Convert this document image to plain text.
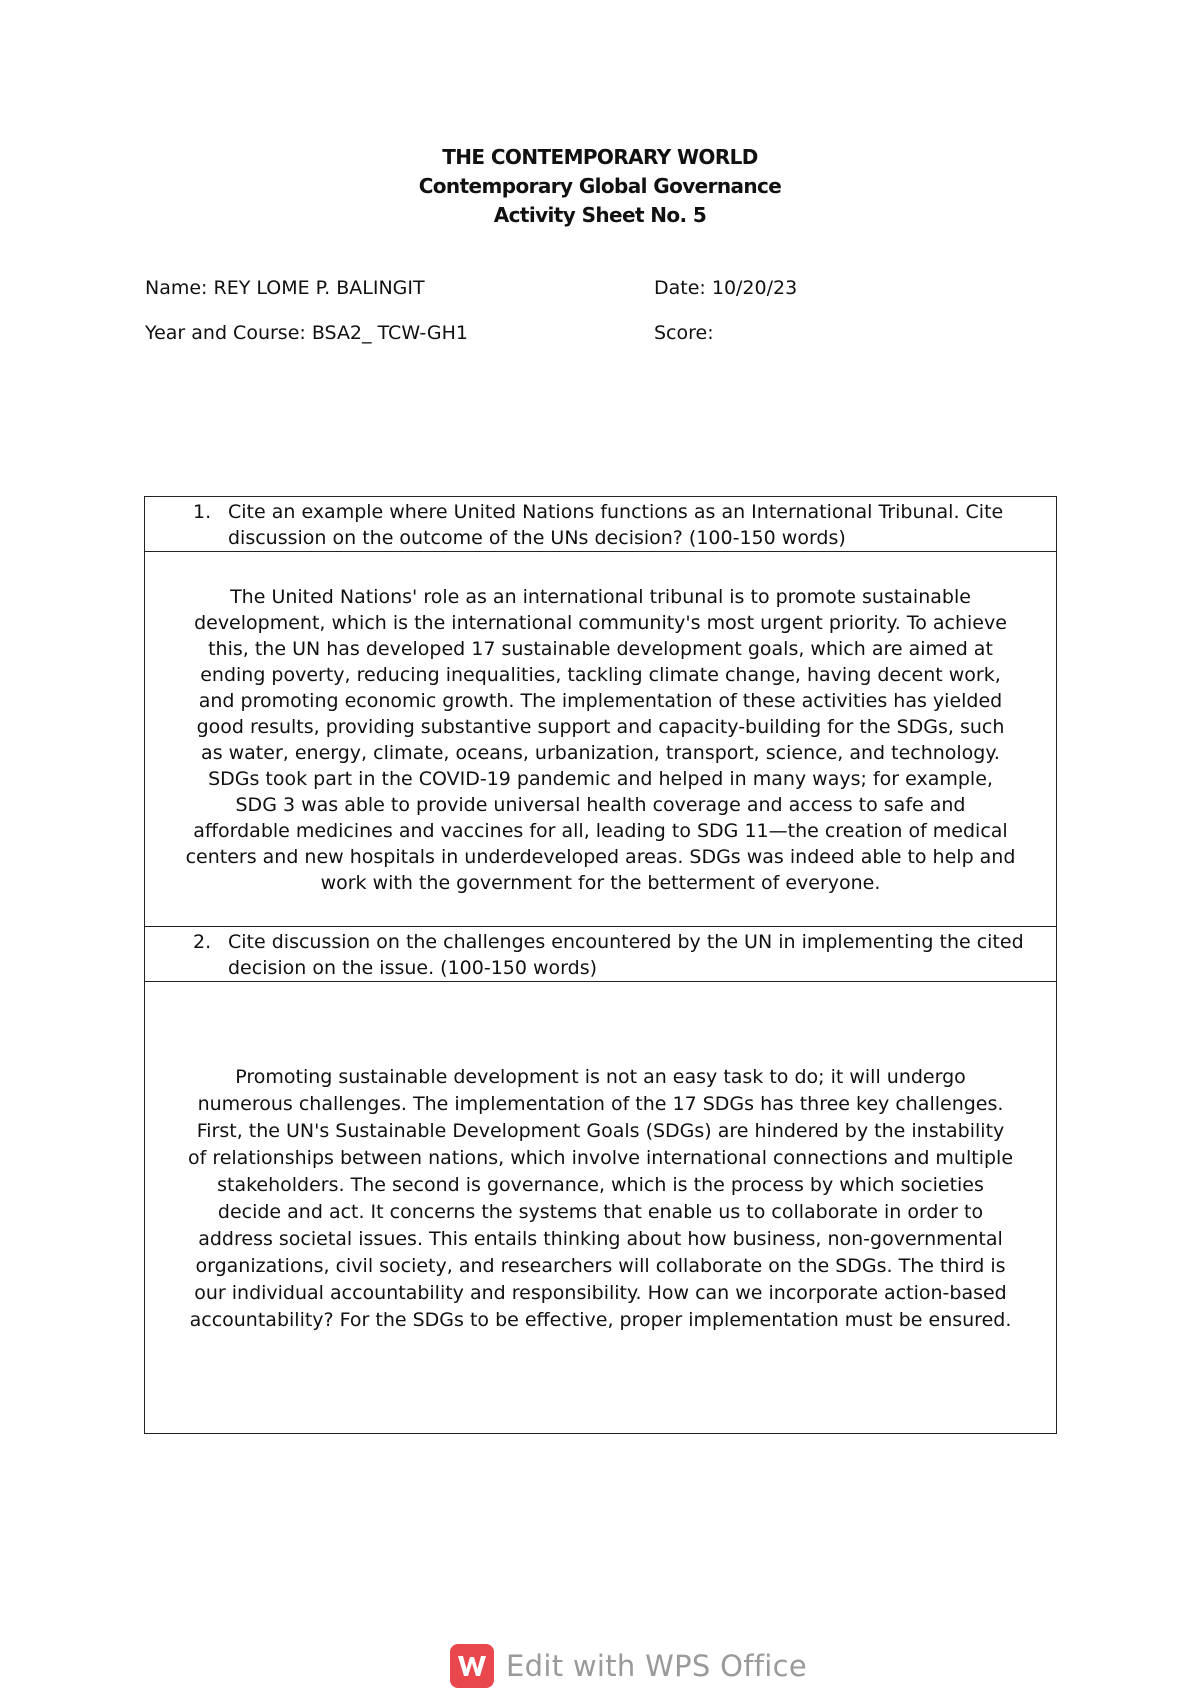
THE CONTEMPORARY WORLD
Contemporary Global Governance
Activity Sheet No. 5
Name: REY LOME P. BALINGIT	Date: 10/20/23
Year and Course: BSA2_ TCW-GH1	Score:
1. Cite an example where United Nations functions as an International Tribunal. Cite discussion on the outcome of the UNs decision? (100-150 words)

The United Nations' role as an international tribunal is to promote sustainable development, which is the international community's most urgent priority. To achieve this, the UN has developed 17 sustainable development goals, which are aimed at ending poverty, reducing inequalities, tackling climate change, having decent work, and promoting economic growth. The implementation of these activities has yielded good results, providing substantive support and capacity-building for the SDGs, such as water, energy, climate, oceans, urbanization, transport, science, and technology. SDGs took part in the COVID-19 pandemic and helped in many ways; for example, SDG 3 was able to provide universal health coverage and access to safe and affordable medicines and vaccines for all, leading to SDG 11—the creation of medical centers and new hospitals in underdeveloped areas. SDGs was indeed able to help and work with the government for the betterment of everyone.

2. Cite discussion on the challenges encountered by the UN in implementing the cited decision on the issue. (100-150 words)

Promoting sustainable development is not an easy task to do; it will undergo numerous challenges. The implementation of the 17 SDGs has three key challenges. First, the UN's Sustainable Development Goals (SDGs) are hindered by the instability of relationships between nations, which involve international connections and multiple stakeholders. The second is governance, which is the process by which societies decide and act. It concerns the systems that enable us to collaborate in order to address societal issues. This entails thinking about how business, non-governmental organizations, civil society, and researchers will collaborate on the SDGs. The third is our individual accountability and responsibility. How can we incorporate action-based accountability? For the SDGs to be effective, proper implementation must be ensured.
Edit with WPS Office
